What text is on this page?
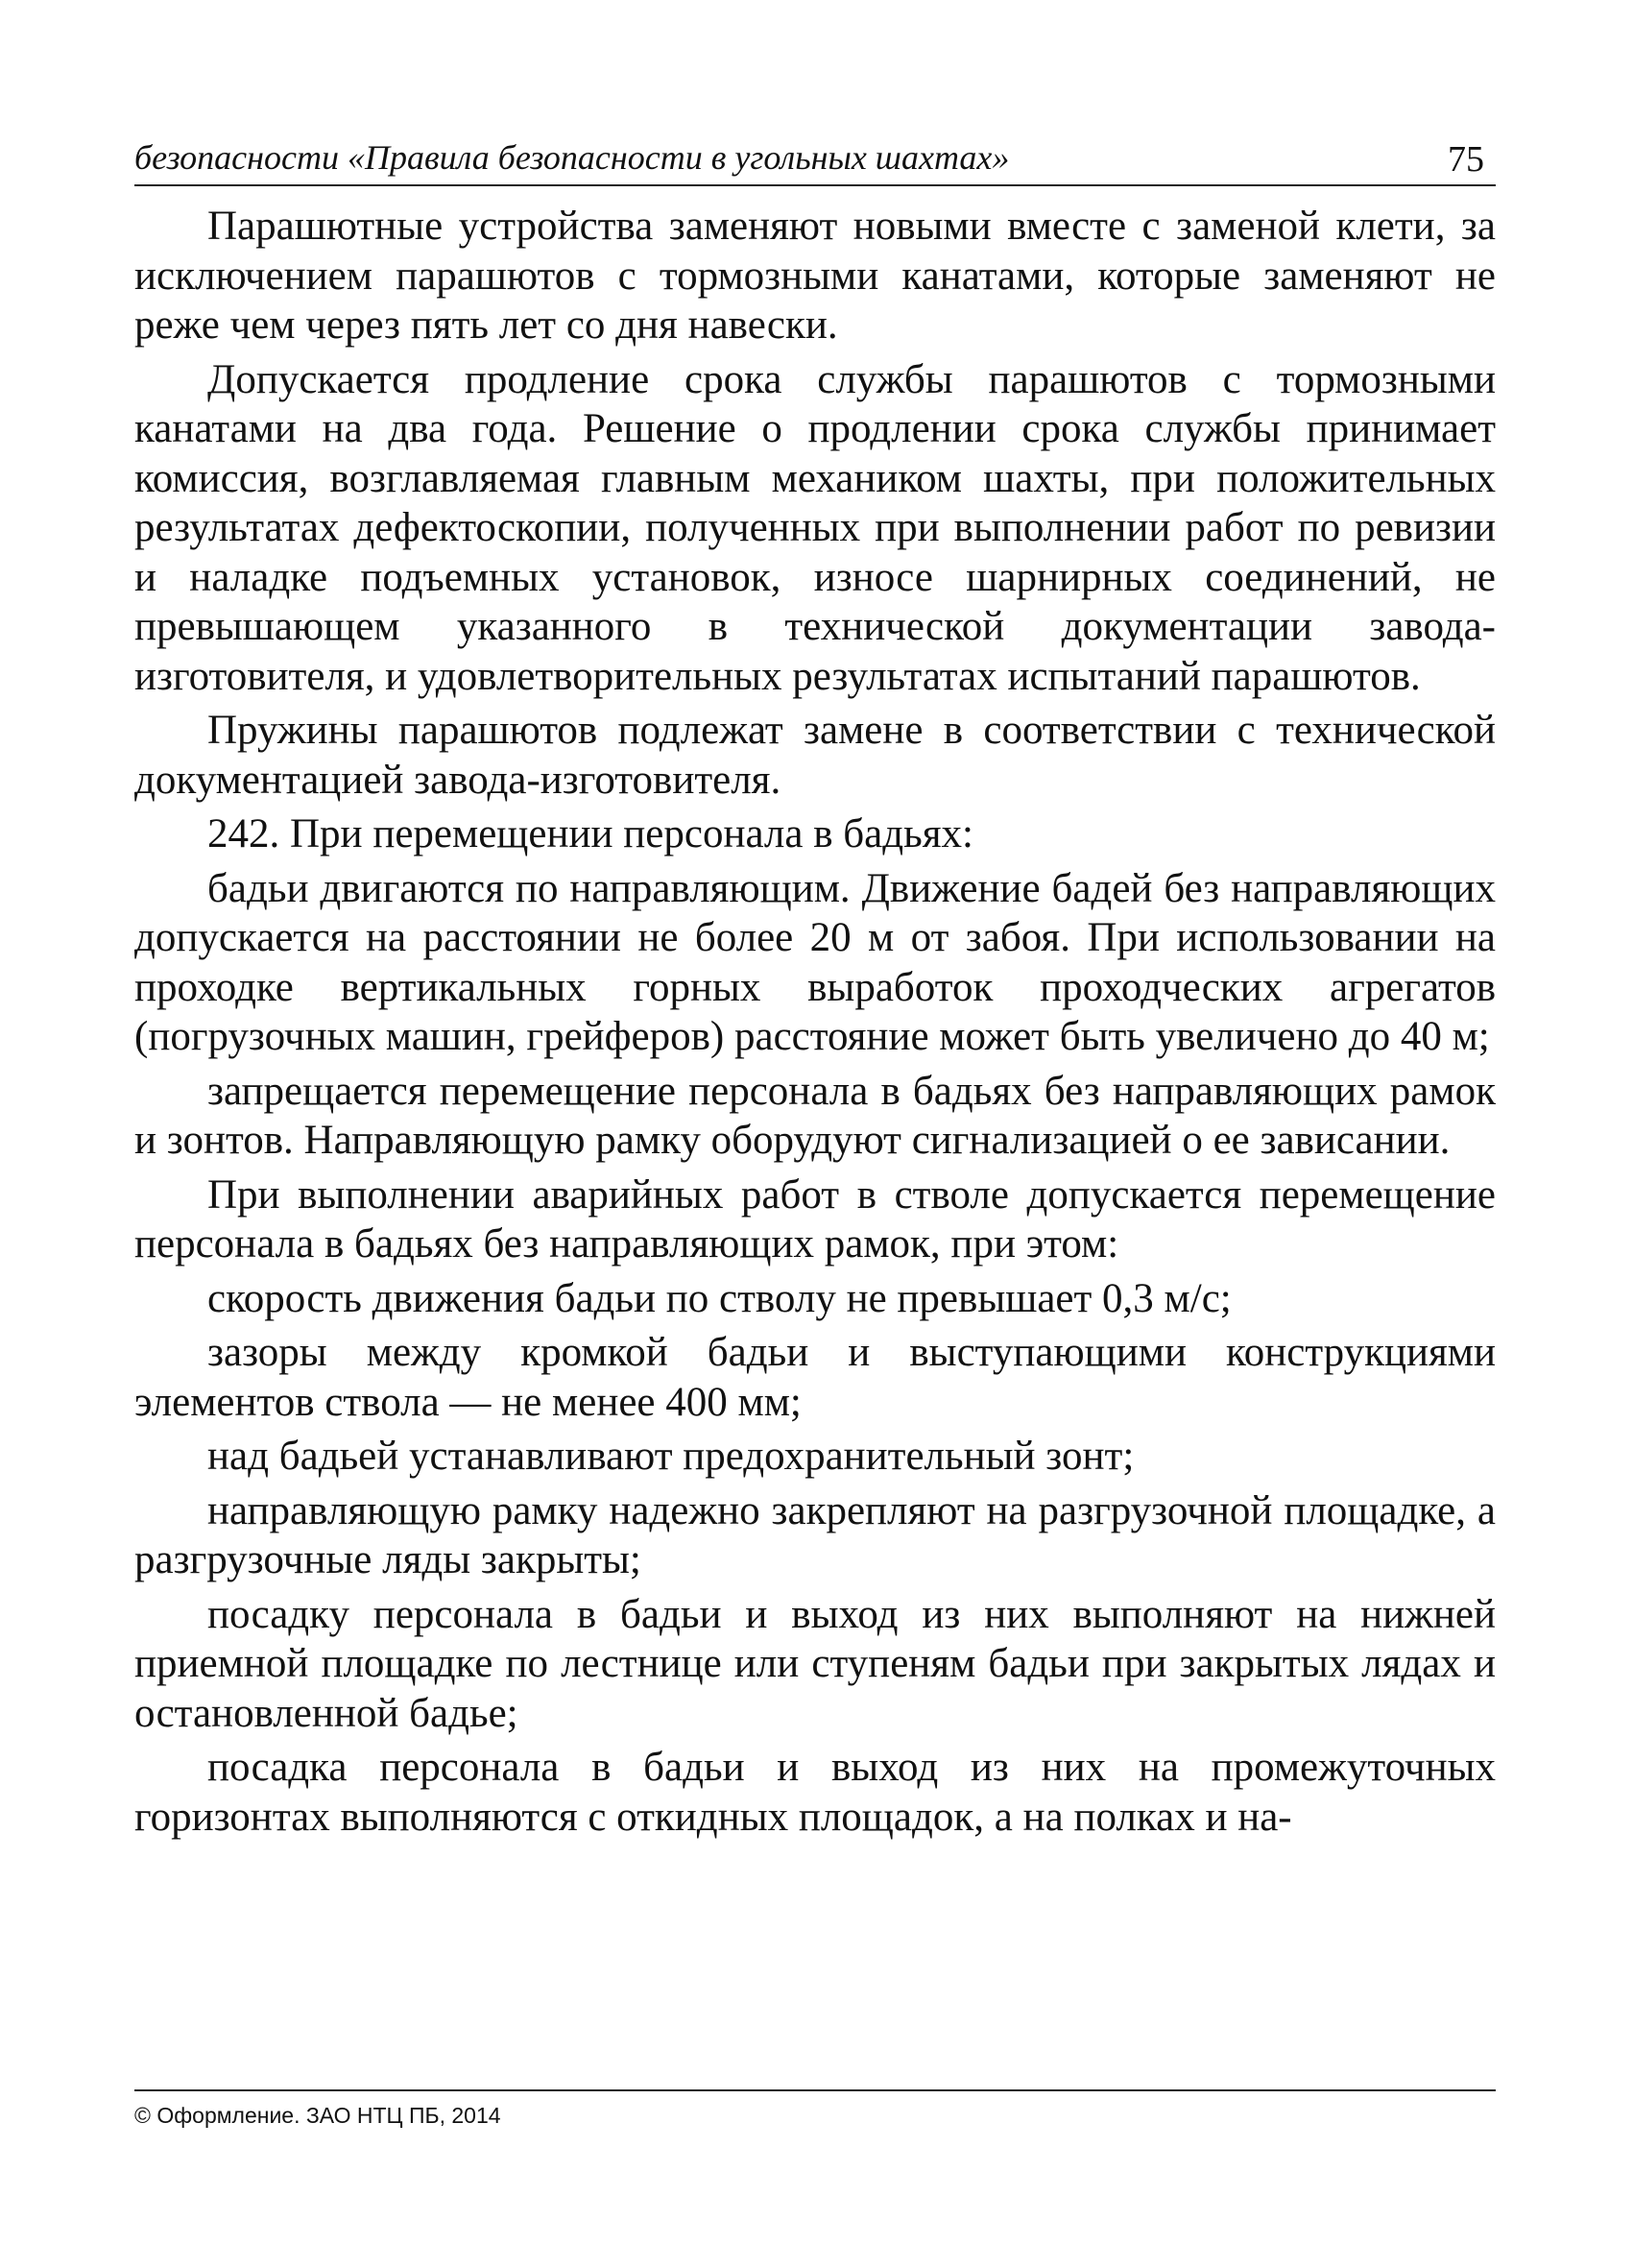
безопасности «Правила безопасности в угольных шахтах»	75

Парашютные устройства заменяют новыми вместе с заменой клети, за исключением парашютов с тормозными канатами, которые заменяют не реже чем через пять лет со дня навески.

Допускается продление срока службы парашютов с тормозными канатами на два года. Решение о продлении срока службы принимает комиссия, возглавляемая главным механиком шахты, при положительных результатах дефектоскопии, полученных при выполнении работ по ревизии и наладке подъемных установок, износе шарнирных соединений, не превышающем указанного в технической документации завода-изготовителя, и удовлетворительных результатах испытаний парашютов.

Пружины парашютов подлежат замене в соответствии с технической документацией завода-изготовителя.

242. При перемещении персонала в бадьях:

бадьи двигаются по направляющим. Движение бадей без направляющих допускается на расстоянии не более 20 м от забоя. При использовании на проходке вертикальных горных выработок проходческих агрегатов (погрузочных машин, грейферов) расстояние может быть увеличено до 40 м;

запрещается перемещение персонала в бадьях без направляющих рамок и зонтов. Направляющую рамку оборудуют сигнализацией о ее зависании.

При выполнении аварийных работ в стволе допускается перемещение персонала в бадьях без направляющих рамок, при этом:

скорость движения бадьи по стволу не превышает 0,3 м/с;

зазоры между кромкой бадьи и выступающими конструкциями элементов ствола — не менее 400 мм;

над бадьей устанавливают предохранительный зонт;

направляющую рамку надежно закрепляют на разгрузочной площадке, а разгрузочные ляды закрыты;

посадку персонала в бадьи и выход из них выполняют на нижней приемной площадке по лестнице или ступеням бадьи при закрытых лядах и остановленной бадье;

посадка персонала в бадьи и выход из них на промежуточных горизонтах выполняются с откидных площадок, а на полках и на-

© Оформление. ЗАО НТЦ ПБ, 2014
